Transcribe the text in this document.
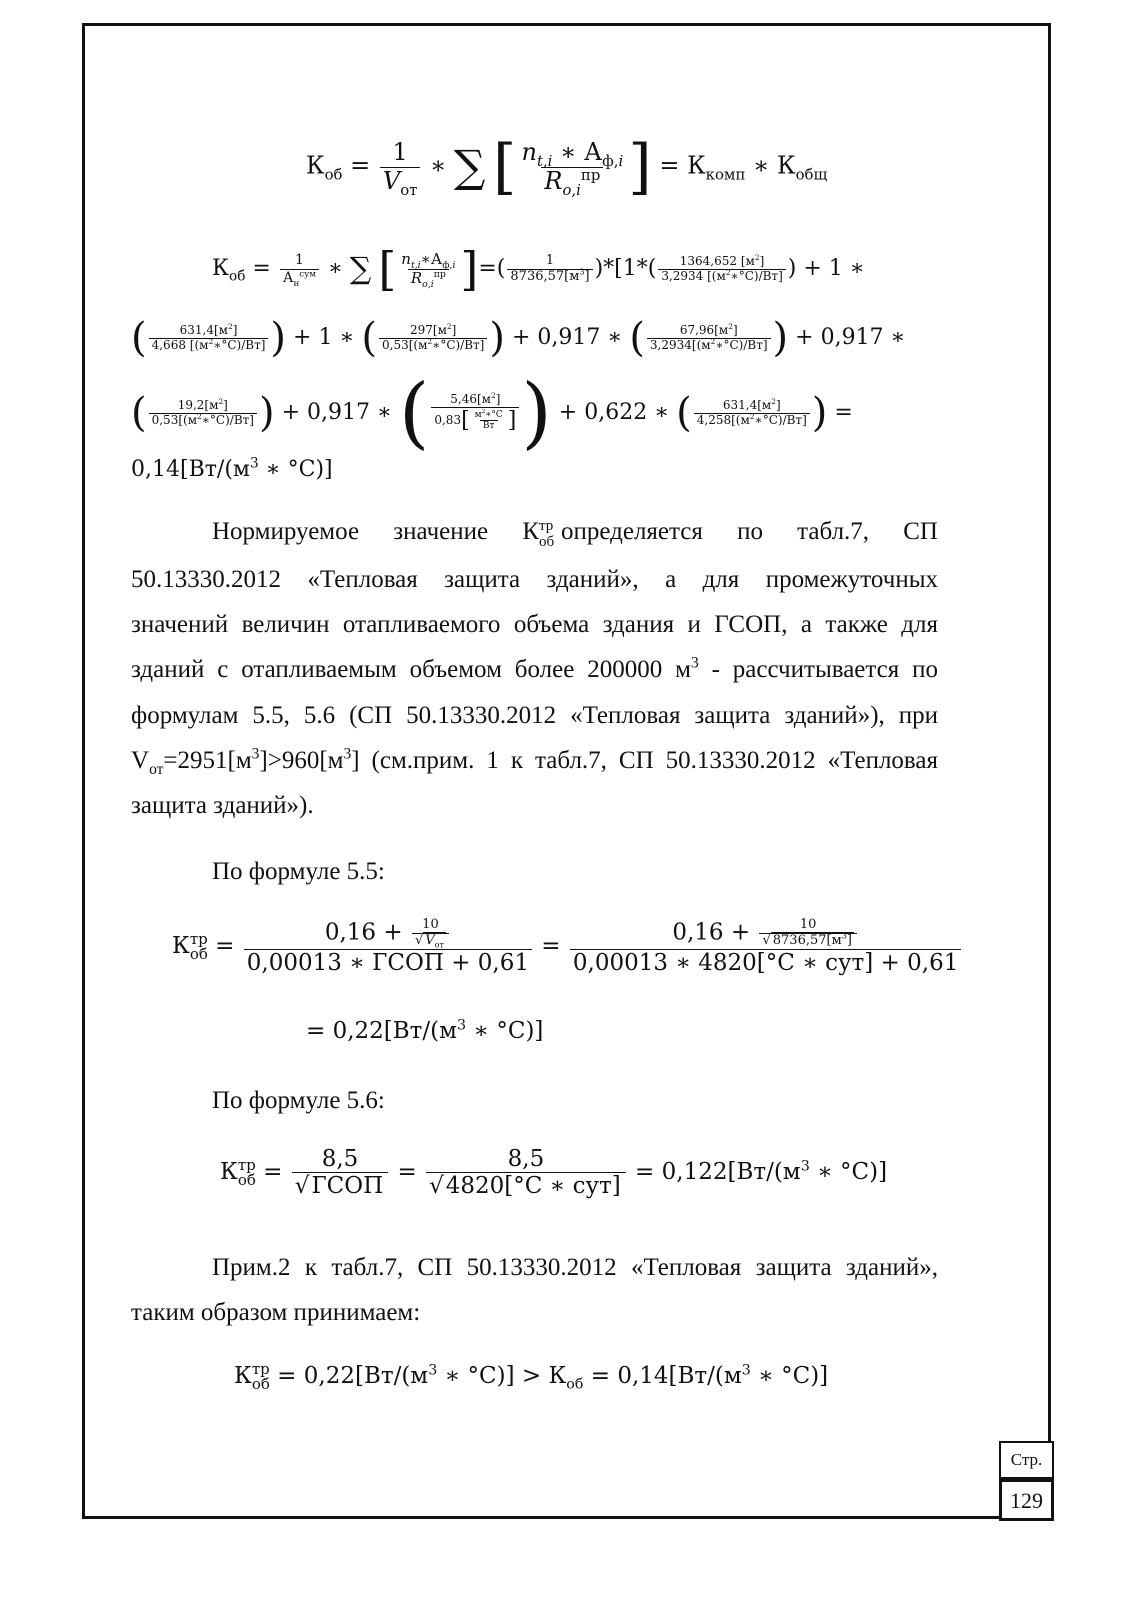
$К_{об} = \frac{1}{V_{от}}$ ∗ ∑ [ $\frac{n_{t,i} ∗ А_{ф,i}}{R_{o,i}^{пр}}$ ] = $К_{комп}$ ∗ $К_{общ}$
$К_{об} = \frac{1}{А_н^{сум}}$ ∗ ∑ [ $\frac{n_{t,i}∗А_{ф,i}}{R_{o,i}^{пр}}$ ]=( $\frac{1}{8736,57[м^3]} )*[1*( \frac{1364,652 [м^2]}{3,2934 [(м^2∗^\circ С)/Вт]}$ ) + 1 ∗
( $\frac{631,4[м^2]}{4,668 [(м^2∗^\circ С)/Вт]}$ ) + 1 ∗ ( $\frac{297[м^2]}{0,53[(м^2∗^\circ С)/Вт]}$ ) + 0,917 ∗ ( $\frac{67,96[м^2]}{3,2934[(м^2∗^\circ С)/Вт]}$ ) + 0,917 ∗
( $\frac{19,2[м^2]}{0,53[(м^2∗^\circ С)/Вт]}$ ) + 0,917 ∗ ( $\frac{5,46[м^2]}{0,83[ \frac{м^2∗^\circ С}{Вт} ]}$ ) + 0,622 ∗ ( $\frac{631,4[м^2]}{4,258[(м^2∗^\circ С)/Вт]}$ ) =
$0,14[Вт/(м^3$ ∗ °С)]
Нормируемое значение К тр
об определяется по табл.7, СП
50.13330.2012 «Тепловая защита зданий», а для промежуточных
значений величин отапливаемого объема здания и ГСОП, а также для
зданий с отапливаемым объемом более 200000 $м^3$ - рассчитывается по
формулам 5.5, 5.6 (СП 50.13330.2012 «Тепловая защита зданий»), при
$V_{от}=2951[м^3]>960[м^3]$ (см.прим. 1 к табл.7, СП 50.13330.2012 «Тепловая
защита зданий»).
По формуле 5.5:
К тр
об = $\frac{0,16 + \frac{10}{√ V_{от}}}{\text{0,00013 ∗ ГСОП + 0,61}} = \frac{0,16 + \frac{10}{√ 8736,57[м^3]}}{\text{0,00013 ∗ 4820[°С ∗ сут] + 0,61}}$
= $0,22[Вт/(м^3$ ∗ °С)]
По формуле 5.6:
К тр
об = $\frac{8,5}{\text{√ГСОП}} = \frac{8,5}{\text{√4820[°С ∗ сут]}} = 0,122[Вт/(м^3$ ∗ °С)]
Прим.2 к табл.7, СП 50.13330.2012 «Тепловая защита зданий»,
таким образом принимаем:
К тр
об = $0,22[Вт/(м^3$ ∗ $^\circ С)] > К_{об} = 0,14[Вт/(м^3$ ∗ °С)]
Стр.
129
